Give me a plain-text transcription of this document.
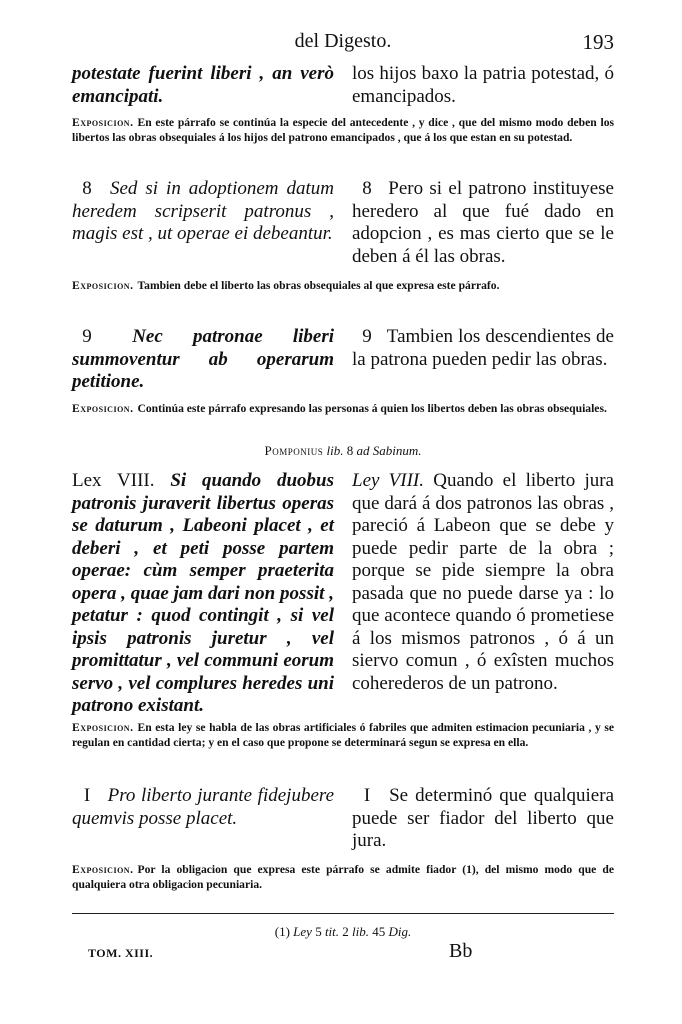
del Digesto.	193
potestate fuerint liberi , an verò emancipati.
los hijos baxo la patria potestad, ó emancipados.
Exposicion. En este párrafo se continúa la especie del antecedente , y dice , que del mismo modo deben los libertos las obras obsequiales á los hijos del patrono emancipados , que á los que estan en su potestad.
8 Sed si in adoptionem datum heredem scripserit patronus , magis est , ut operae ei debeantur.
8 Pero si el patrono instituyese heredero al que fué dado en adopcion , es mas cierto que se le deben á él las obras.
Exposicion. Tambien debe el liberto las obras obsequiales al que expresa este párrafo.
9 Nec patronae liberi summoventur ab operarum petitione.
9 Tambien los descendientes de la patrona pueden pedir las obras.
Exposicion. Continúa este párrafo expresando las personas á quien los libertos deben las obras obsequiales.
Pomponius lib. 8 ad Sabinum.
Lex VIII. Si quando duobus patronis juraverit libertus operas se daturum , Labeoni placet , et deberi , et peti posse partem operae: cùm semper praeterita opera , quae jam dari non possit , petatur : quod contingit , si vel ipsis patronis juretur , vel promittatur , vel communi eorum servo , vel complures heredes uni patrono existant.
Ley VIII. Quando el liberto jura que dará á dos patronos las obras , pareció á Labeon que se debe y puede pedir parte de la obra ; porque se pide siempre la obra pasada que no puede darse ya : lo que acontece quando ó prometiese á los mismos patronos , ó á un siervo comun , ó exîsten muchos coherederos de un patrono.
Exposicion. En esta ley se habla de las obras artificiales ó fabriles que admiten estimacion pecuniaria , y se regulan en cantidad cierta; y en el caso que propone se determinará segun se expresa en ella.
I Pro liberto jurante fidejubere quemvis posse placet.
I Se determinó que qualquiera puede ser fiador del liberto que jura.
Exposicion. Por la obligacion que expresa este párrafo se admite fiador (1), del mismo modo que de qualquiera otra obligacion pecuniaria.
(1) Ley 5 tit. 2 lib. 45 Dig.
TOM. XIII.	Bb
